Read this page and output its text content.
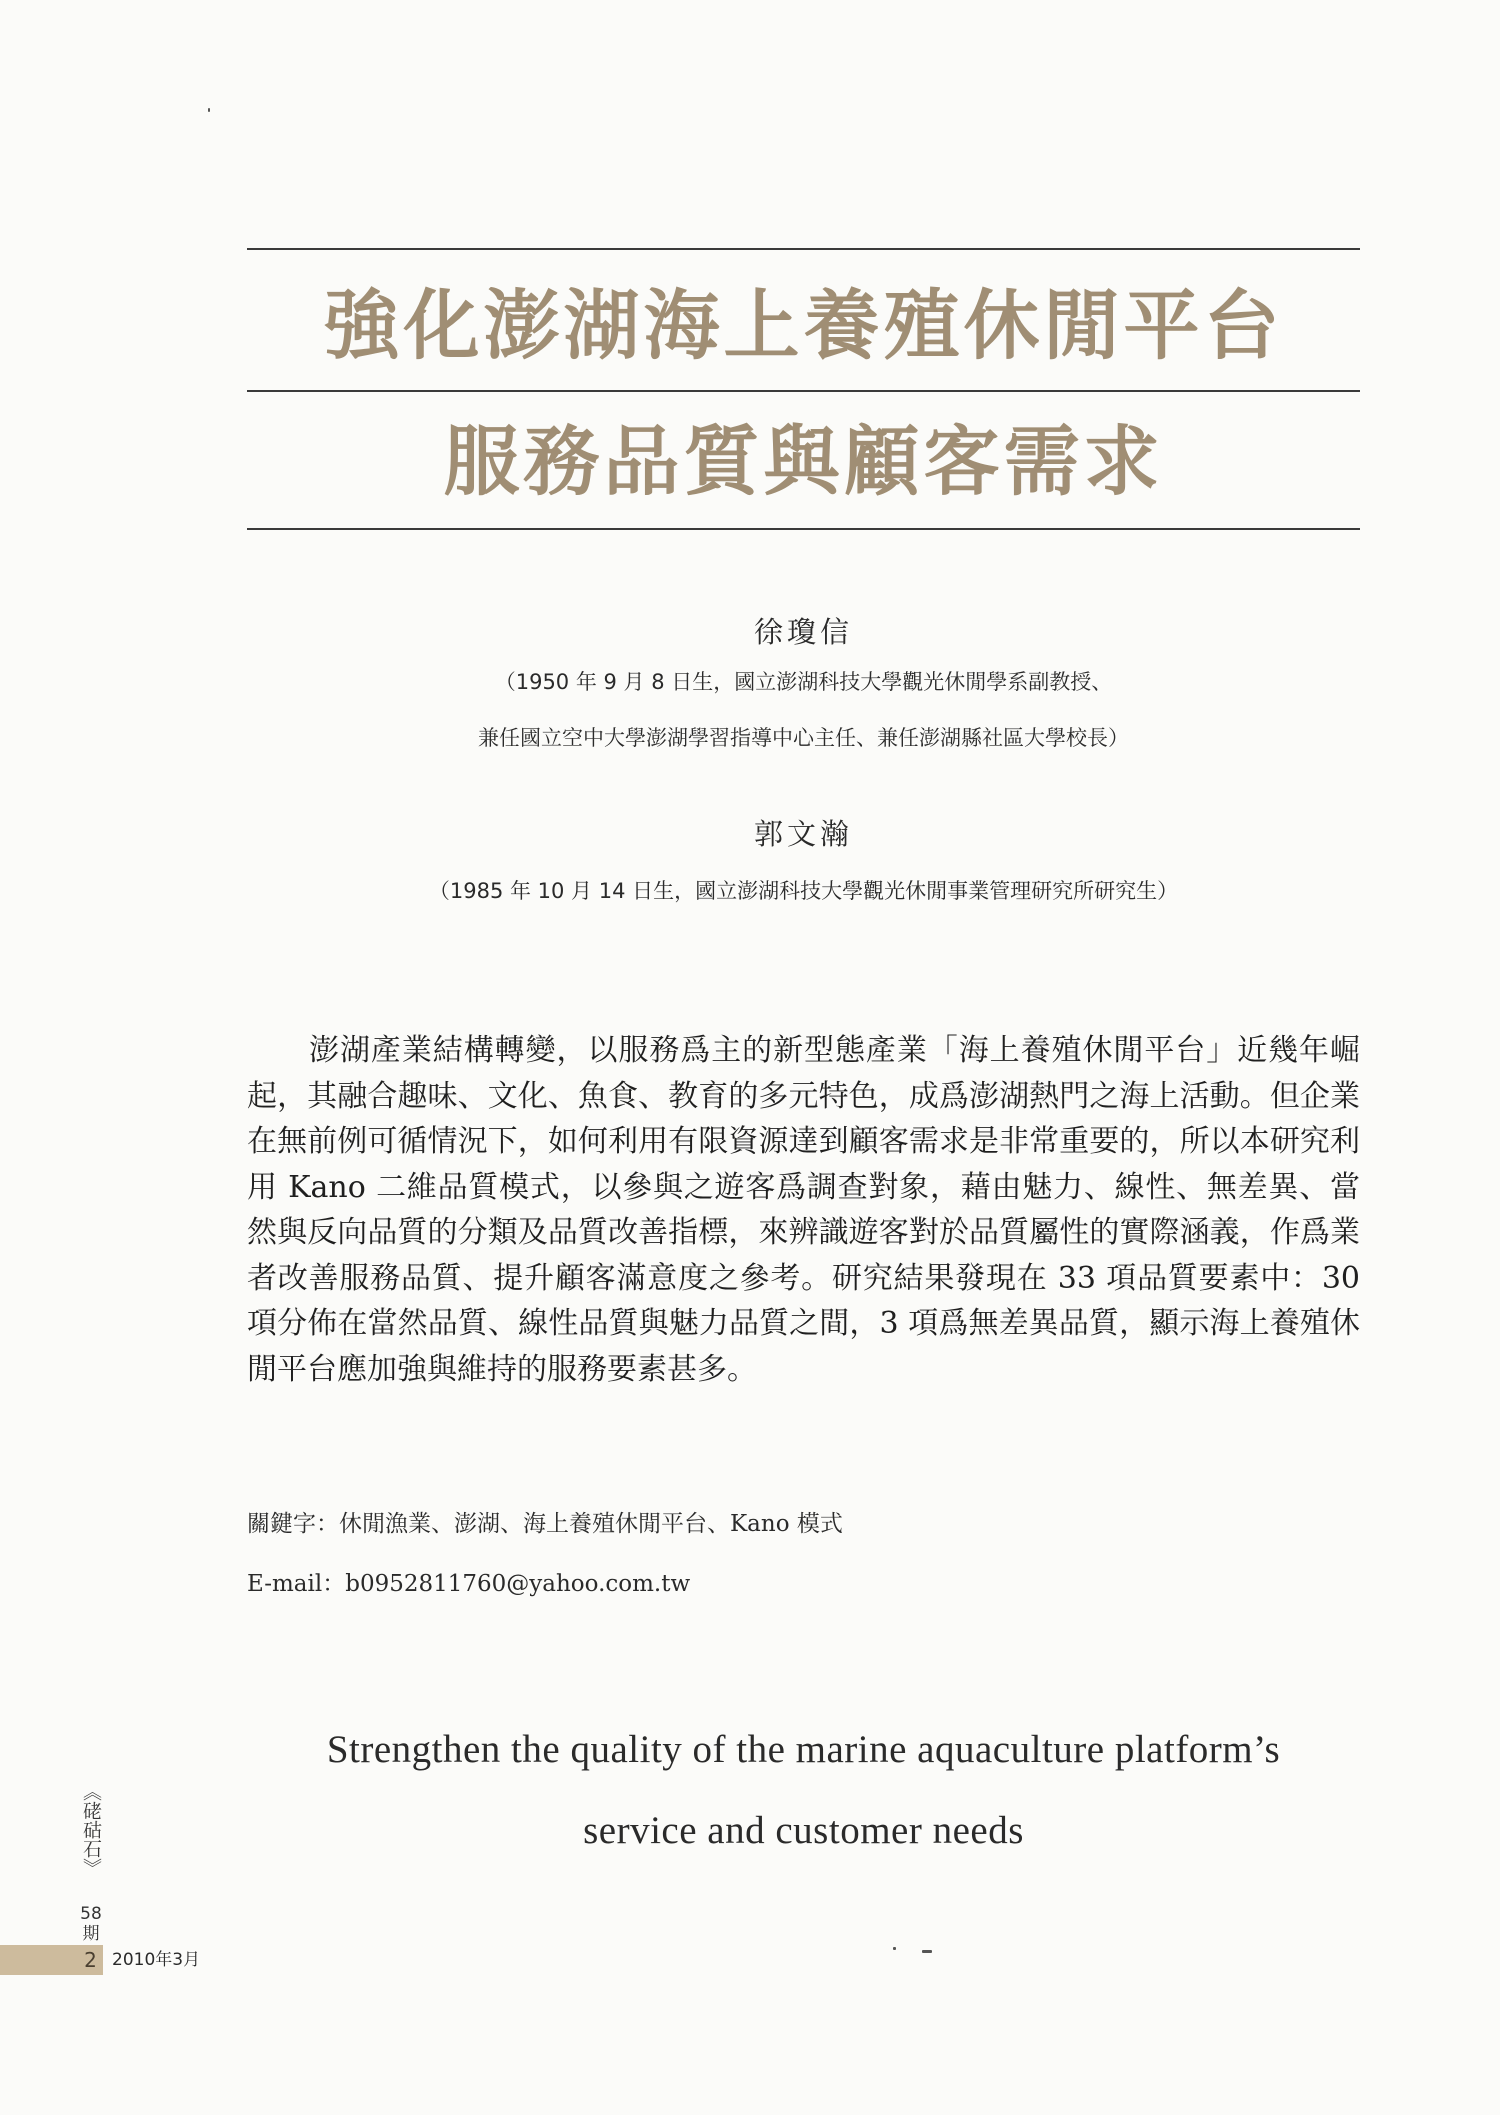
強化澎湖海上養殖休閒平台
服務品質與顧客需求
徐瓊信
（1950 年 9 月 8 日生，國立澎湖科技大學觀光休閒學系副教授、
兼任國立空中大學澎湖學習指導中心主任、兼任澎湖縣社區大學校長）
郭文瀚
（1985 年 10 月 14 日生，國立澎湖科技大學觀光休閒事業管理研究所研究生）

澎湖產業結構轉變，以服務爲主的新型態產業「海上養殖休閒平台」近幾年崛起，其融合趣味、文化、魚食、教育的多元特色，成爲澎湖熱門之海上活動。但企業在無前例可循情況下，如何利用有限資源達到顧客需求是非常重要的，所以本研究利用 Kano 二維品質模式，以參與之遊客爲調查對象，藉由魅力、線性、無差異、當然與反向品質的分類及品質改善指標，來辨識遊客對於品質屬性的實際涵義，作爲業者改善服務品質、提升顧客滿意度之參考。研究結果發現在 33 項品質要素中：30 項分佈在當然品質、線性品質與魅力品質之間，3 項爲無差異品質，顯示海上養殖休閒平台應加強與維持的服務要素甚多。

關鍵字：休閒漁業、澎湖、海上養殖休閒平台、Kano 模式
E-mail：b0952811760@yahoo.com.tw
Strengthen the quality of the marine aquaculture platform’s
service and customer needs
《硓𥑮石》
58期
2 2010年3月
